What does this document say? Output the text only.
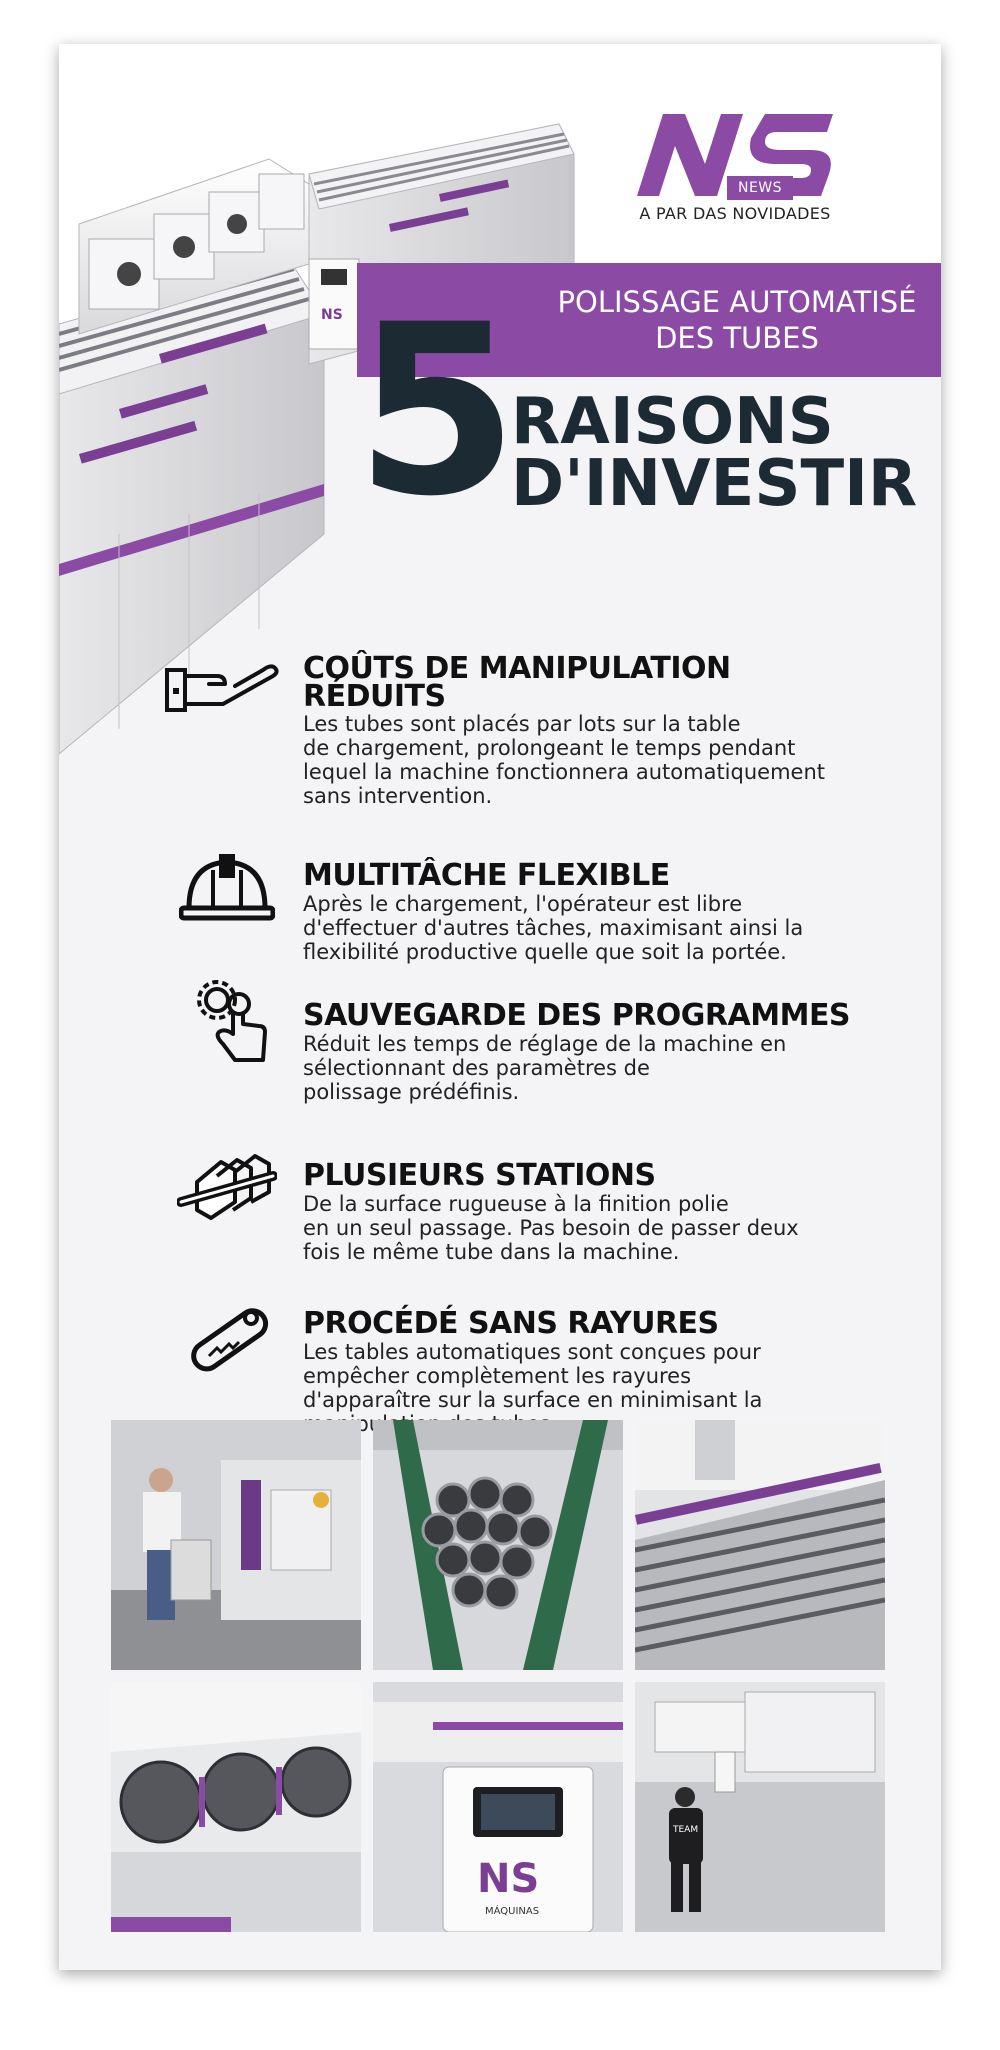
NS
NEWS
A PAR DAS NOVIDADES
POLISSAGE AUTOMATISÉ
DES TUBES
5
RAISONS
D'INVESTIR
COÛTS DE MANIPULATION
RÉDUITS
Les tubes sont placés par lots sur la table
de chargement, prolongeant le temps pendant
lequel la machine fonctionnera automatiquement
sans intervention.
MULTITÂCHE FLEXIBLE
Après le chargement, l'opérateur est libre
d'effectuer d'autres tâches, maximisant ainsi la
flexibilité productive quelle que soit la portée.
SAUVEGARDE DES PROGRAMMES
Réduit les temps de réglage de la machine en
sélectionnant des paramètres de
polissage prédéfinis.
PLUSIEURS STATIONS
De la surface rugueuse à la finition polie
en un seul passage. Pas besoin de passer deux
fois le même tube dans la machine.
PROCÉDÉ SANS RAYURES
Les tables automatiques sont conçues pour
empêcher complètement les rayures
d'apparaître sur la surface en minimisant la
manipulation
NS
MÁQUINAS
TEAM
